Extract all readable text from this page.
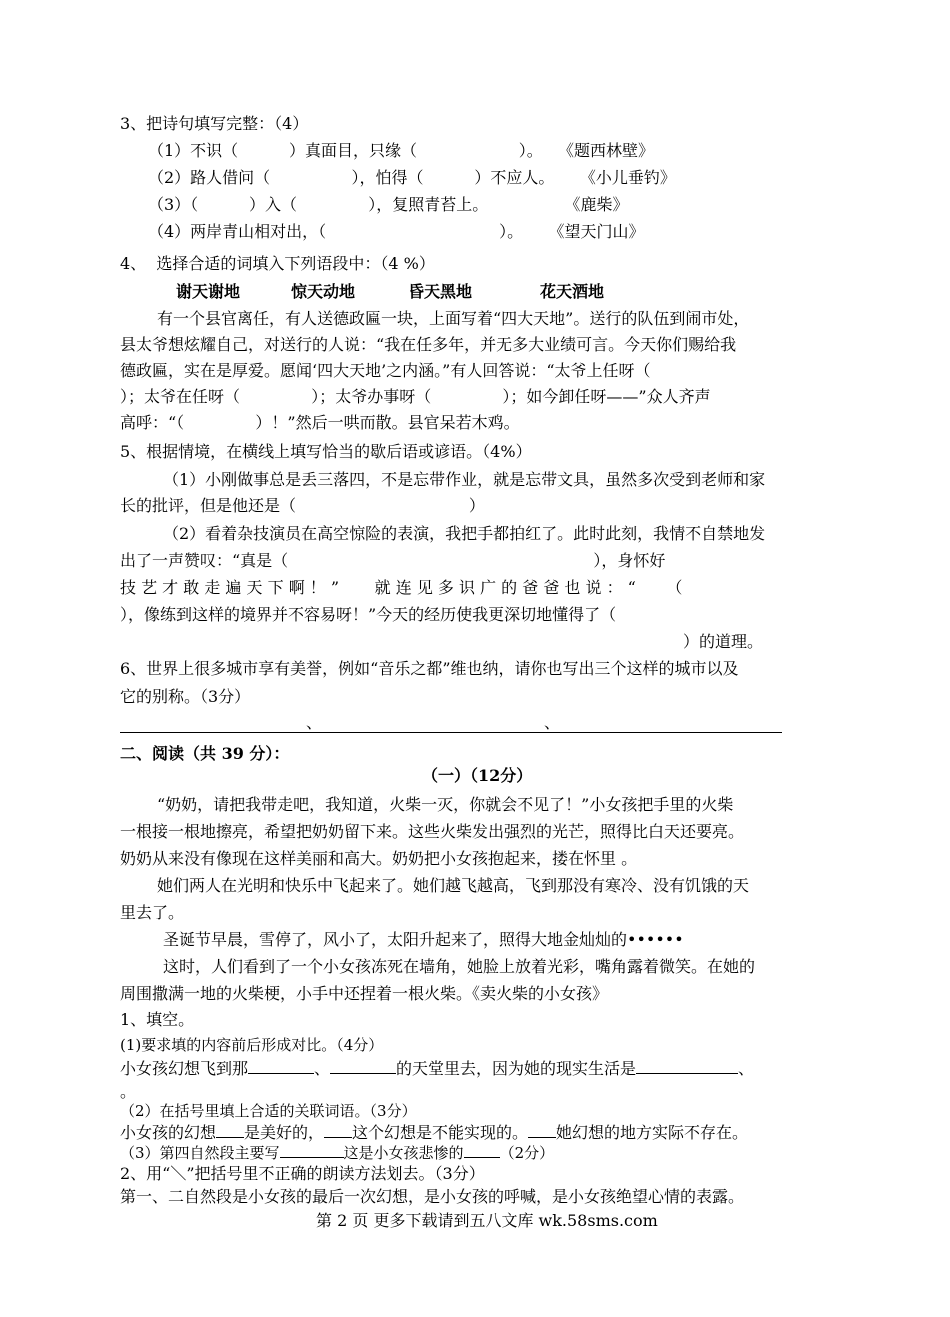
3、把诗句填写完整：（4）
（1）不识（          ）真面目，只缘（                    ）。   《题西林壁》
（2）路人借问（                ），怕得（          ）不应人。     《小儿垂钓》
（3）（          ）入（              ），复照青苔上。               《鹿柴》
（4）两岸青山相对出，（                                  ）。     《望天门山》
4、  选择合适的词填入下列语段中：（4 %）
谢天谢地	惊天动地	昏天黑地	花天酒地
有一个县官离任，有人送德政匾一块，上面写着“四大天地”。送行的队伍到闹市处，
县太爷想炫耀自己，对送行的人说：“我在任多年，并无多大业绩可言。今天你们赐给我
德政匾，实在是厚爱。愿闻‘四大天地’之内涵。”有人回答说：“太爷上任呀（
）；太爷在任呀（              ）；太爷办事呀（              ）；如今卸任呀——”众人齐声
高呼：“（              ）！”然后一哄而散。县官呆若木鸡。
5、根据情境，在横线上填写恰当的歇后语或谚语。（4%）
（1）小刚做事总是丢三落四，不是忘带作业，就是忘带文具，虽然多次受到老师和家
长的批评，但是他还是（                                  ）
（2）看着杂技演员在高空惊险的表演，我把手都拍红了。此时此刻，我情不自禁地发
出了一声赞叹：“真是（                                                            ），身怀好
技 艺 才 敢 走 遍 天 下 啊 ！ ”       就 连 见 多 识 广 的 爸 爸 也 说 ： “      （
），像练到这样的境界并不容易呀！”今天的经历使我更深切地懂得了（
）的道理。
6、世界上很多城市享有美誉，例如“音乐之都”维也纳，请你也写出三个这样的城市以及
它的别称。（3分）
、	、
二、阅读（共 39 分）：
（一）（12分）
“奶奶，请把我带走吧，我知道，火柴一灭，你就会不见了！”小女孩把手里的火柴
一根接一根地擦亮，希望把奶奶留下来。这些火柴发出强烈的光芒，照得比白天还要亮。
奶奶从来没有像现在这样美丽和高大。奶奶把小女孩抱起来，搂在怀里 。
她们两人在光明和快乐中飞起来了。她们越飞越高，飞到那没有寒冷、没有饥饿的天
里去了。
圣诞节早晨，雪停了，风小了，太阳升起来了，照得大地金灿灿的••••••
这时，人们看到了一个小女孩冻死在墙角，她脸上放着光彩，嘴角露着微笑。在她的
周围撒满一地的火柴梗，小手中还捏着一根火柴。《卖火柴的小女孩》
1、填空。
(1)要求填的内容前后形成对比。（4分）
小女孩幻想飞到那	、	的天堂里去，因为她的现实生活是	、
。
（2）在括号里填上合适的关联词语。（3分）
小女孩的幻想 是美好的， 这个幻想是不能实现的。 她幻想的地方实际不存在。
（3）第四自然段主要写	这是小女孩悲惨的 （2分）
2、用“＼”把括号里不正确的朗读方法划去。（3分）
第一、二自然段是小女孩的最后一次幻想，是小女孩的呼喊，是小女孩绝望心情的表露。
第 2 页 更多下载请到五八文库 wk.58sms.com
